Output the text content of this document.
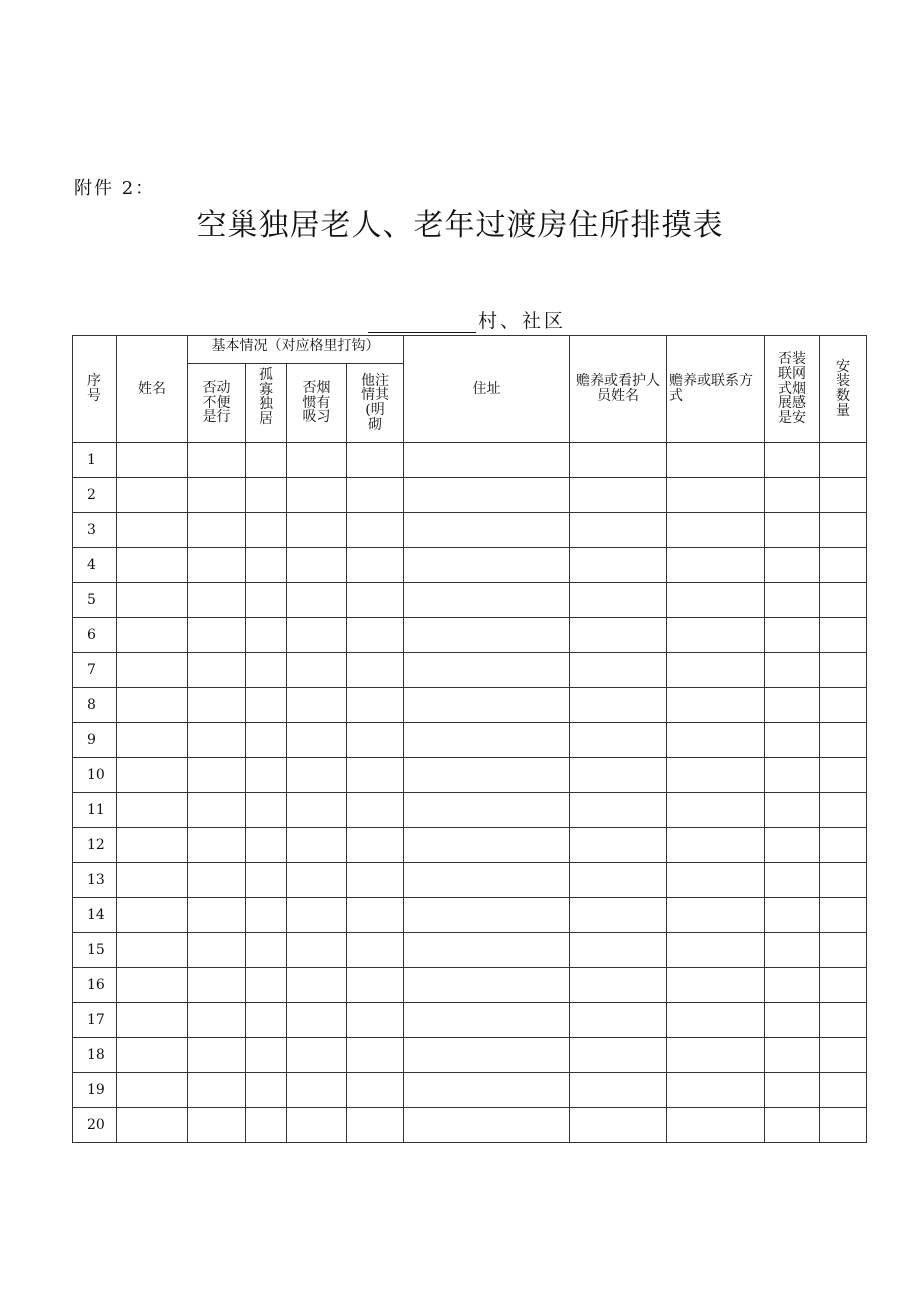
附件 2：
空巢独居老人、老年过渡房住所排摸表
村、社区
序号	姓名	基本情况（对应格里打钩）				住址	赡养或看护人员姓名	赡养或联系方式	否装联网式烟展感是安	安装数量
		否动不便是行	孤寡独居	否烟惯有吸习	他注情其(明砌					
1										
2										
3										
4										
5										
6										
7										
8										
9										
10										
11										
12										
13										
14										
15										
16										
17										
18										
19										
20										
